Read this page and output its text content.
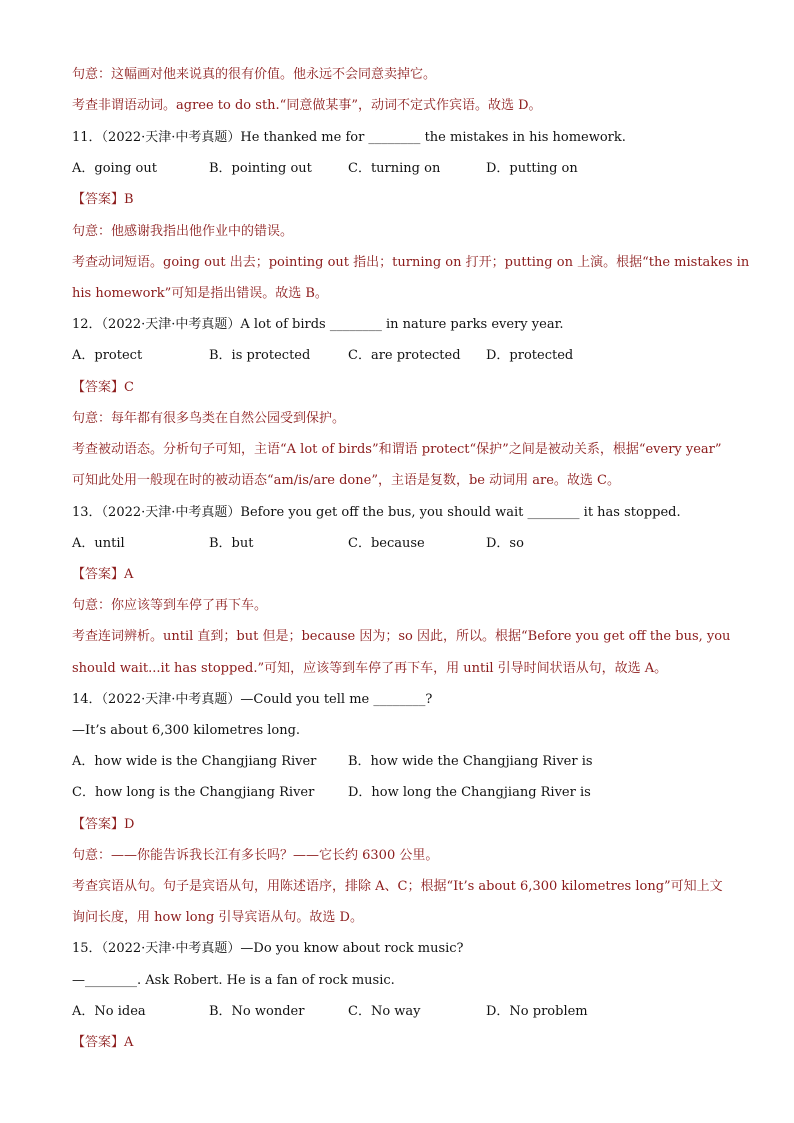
句意：这幅画对他来说真的很有价值。他永远不会同意卖掉它。
考查非谓语动词。agree to do sth.“同意做某事”，动词不定式作宾语。故选 D。
11．（2022·天津·中考真题）He thanked me for ________ the mistakes in his homework.
A．going out	B．pointing out	C．turning on	D．putting on
【答案】B
句意：他感谢我指出他作业中的错误。
考查动词短语。going out 出去；pointing out 指出；turning on 打开；putting on 上演。根据“the mistakes in
his homework”可知是指出错误。故选 B。
12．（2022·天津·中考真题）A lot of birds ________ in nature parks every year.
A．protect	B．is protected	C．are protected D．protected
【答案】C
句意：每年都有很多鸟类在自然公园受到保护。
考查被动语态。分析句子可知，主语“A lot of birds”和谓语 protect“保护”之间是被动关系，根据“every year”
可知此处用一般现在时的被动语态“am/is/are done”，主语是复数，be 动词用 are。故选 C。
13．（2022·天津·中考真题）Before you get off the bus, you should wait ________ it has stopped.
A．until	B．but	C．because	D．so
【答案】A
句意：你应该等到车停了再下车。
考查连词辨析。until 直到；but 但是；because 因为；so 因此，所以。根据“Before you get off the bus, you
should wait...it has stopped.”可知，应该等到车停了再下车，用 until 引导时间状语从句，故选 A。
14．（2022·天津·中考真题）—Could you tell me ________?
—It’s about 6,300 kilometres long.
A．how wide is the Changjiang River B．how wide the Changjiang River is
C．how long is the Changjiang River	D．how long the Changjiang River is
【答案】D
句意：——你能告诉我长江有多长吗？——它长约 6300 公里。
考查宾语从句。句子是宾语从句，用陈述语序，排除 A、C；根据“It’s about 6,300 kilometres long”可知上文
询问长度，用 how long 引导宾语从句。故选 D。
15．（2022·天津·中考真题）—Do you know about rock music?
—________. Ask Robert. He is a fan of rock music.
A．No idea	B．No wonder	C．No way	D．No problem
【答案】A
